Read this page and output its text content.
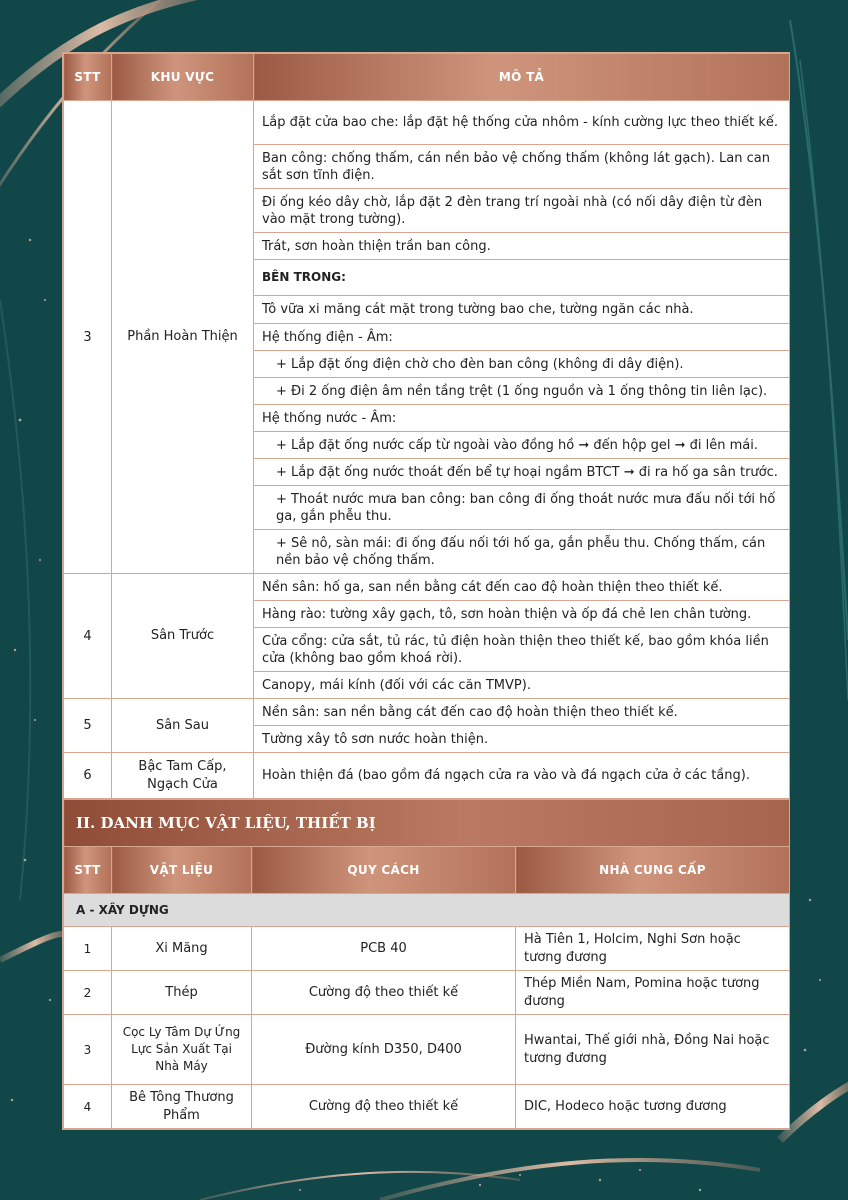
STT	KHU VỰC	MÔ TẢ
3	Phần Hoàn Thiện	Lắp đặt cửa bao che: lắp đặt hệ thống cửa nhôm - kính cường lực theo thiết kế.
		Ban công: chống thấm, cán nền bảo vệ chống thấm (không lát gạch). Lan can sắt sơn tĩnh điện.
		Đi ống kéo dây chờ, lắp đặt 2 đèn trang trí ngoài nhà (có nối dây điện từ đèn vào mặt trong tường).
		Trát, sơn hoàn thiện trần ban công.
		BÊN TRONG:
		Tô vữa xi măng cát mặt trong tường bao che, tường ngăn các nhà.
		Hệ thống điện - Âm:
		+ Lắp đặt ống điện chờ cho đèn ban công (không đi dây điện).
		+ Đi 2 ống điện âm nền tầng trệt (1 ống nguồn và 1 ống thông tin liên lạc).
		Hệ thống nước - Âm:
		+ Lắp đặt ống nước cấp từ ngoài vào đồng hồ ➞ đến hộp gel ➞ đi lên mái.
		+ Lắp đặt ống nước thoát đến bể tự hoại ngầm BTCT ➞ đi ra hố ga sân trước.
		+ Thoát nước mưa ban công: ban công đi ống thoát nước mưa đấu nối tới hố ga, gắn phễu thu.
		+ Sê nô, sàn mái: đi ống đấu nối tới hố ga, gắn phễu thu. Chống thấm, cán nền bảo vệ chống thấm.
4	Sân Trước	Nền sân: hố ga, san nền bằng cát đến cao độ hoàn thiện theo thiết kế.
		Hàng rào: tường xây gạch, tô, sơn hoàn thiện và ốp đá chẻ len chân tường.
		Cửa cổng: cửa sắt, tủ rác, tủ điện hoàn thiện theo thiết kế, bao gồm khóa liền cửa (không bao gồm khoá rời).
		Canopy, mái kính (đối với các căn TMVP).
5	Sân Sau	Nền sân: san nền bằng cát đến cao độ hoàn thiện theo thiết kế.
		Tường xây tô sơn nước hoàn thiện.
6	Bậc Tam Cấp, Ngạch Cửa	Hoàn thiện đá (bao gồm đá ngạch cửa ra vào và đá ngạch cửa ở các tầng).
II. DANH MỤC VẬT LIỆU, THIẾT BỊ			
STT	VẬT LIỆU	QUY CÁCH	NHÀ CUNG CẤP
A - XÂY DỰNG			
1	Xi Măng	PCB 40	Hà Tiên 1, Holcim, Nghi Sơn hoặc tương đương
2	Thép	Cường độ theo thiết kế	Thép Miền Nam, Pomina hoặc tương đương
3	Cọc Ly Tâm Dự Ứng Lực Sản Xuất Tại Nhà Máy	Đường kính D350, D400	Hwantai, Thế giới nhà, Đồng Nai hoặc tương đương
4	Bê Tông Thương Phẩm	Cường độ theo thiết kế	DIC, Hodeco hoặc tương đương
